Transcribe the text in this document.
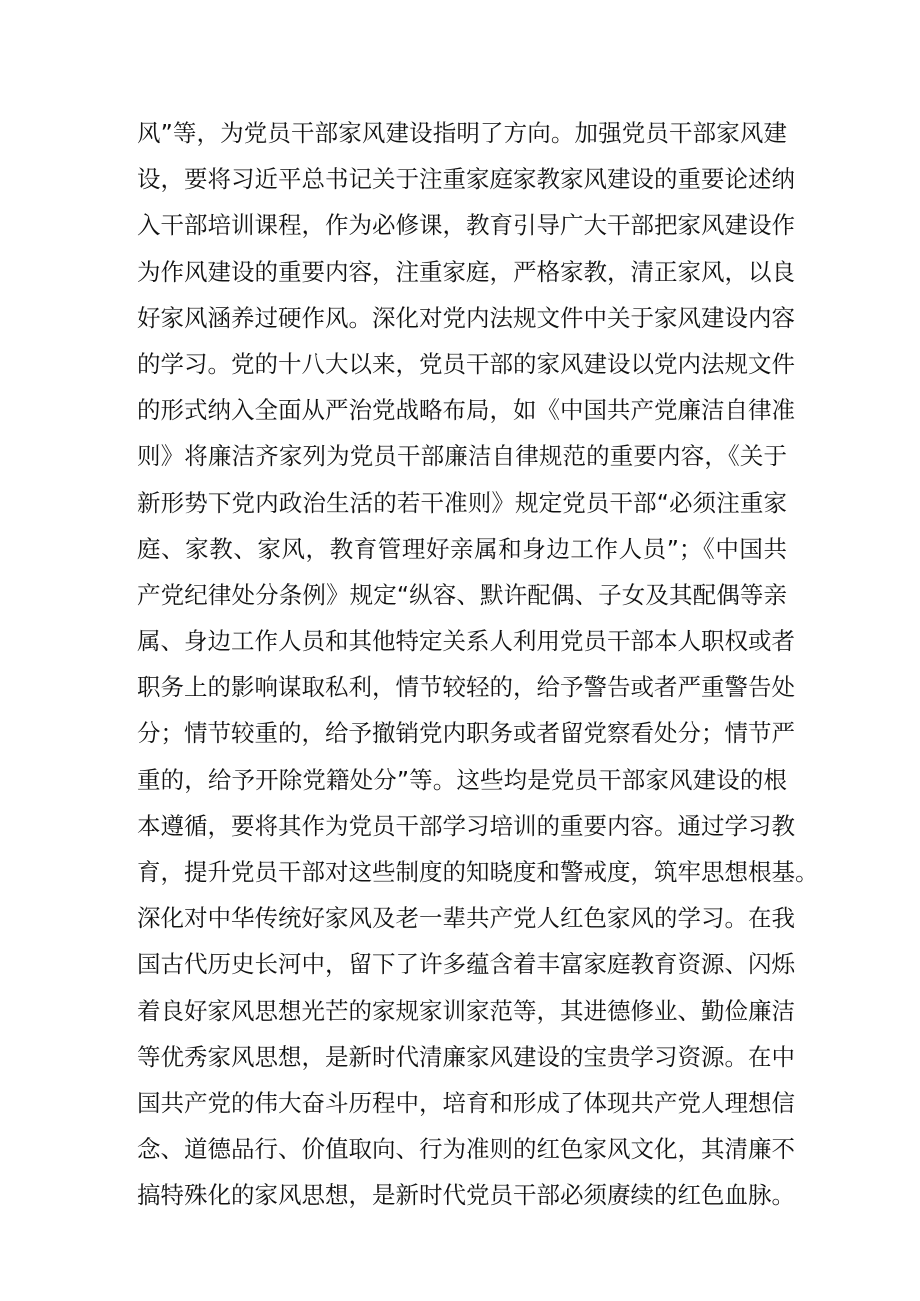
风”等，为党员干部家风建设指明了方向。加强党员干部家风建
设，要将习近平总书记关于注重家庭家教家风建设的重要论述纳
入干部培训课程，作为必修课，教育引导广大干部把家风建设作
为作风建设的重要内容，注重家庭，严格家教，清正家风，以良
好家风涵养过硬作风。深化对党内法规文件中关于家风建设内容
的学习。党的十八大以来，党员干部的家风建设以党内法规文件
的形式纳入全面从严治党战略布局，如《中国共产党廉洁自律准
则》将廉洁齐家列为党员干部廉洁自律规范的重要内容，《关于
新形势下党内政治生活的若干准则》规定党员干部“必须注重家
庭、家教、家风，教育管理好亲属和身边工作人员”；《中国共
产党纪律处分条例》规定“纵容、默许配偶、子女及其配偶等亲
属、身边工作人员和其他特定关系人利用党员干部本人职权或者
职务上的影响谋取私利，情节较轻的，给予警告或者严重警告处
分；情节较重的，给予撤销党内职务或者留党察看处分；情节严
重的，给予开除党籍处分”等。这些均是党员干部家风建设的根
本遵循，要将其作为党员干部学习培训的重要内容。通过学习教
育，提升党员干部对这些制度的知晓度和警戒度，筑牢思想根基。
深化对中华传统好家风及老一辈共产党人红色家风的学习。在我
国古代历史长河中，留下了许多蕴含着丰富家庭教育资源、闪烁
着良好家风思想光芒的家规家训家范等，其进德修业、勤俭廉洁
等优秀家风思想，是新时代清廉家风建设的宝贵学习资源。在中
国共产党的伟大奋斗历程中，培育和形成了体现共产党人理想信
念、道德品行、价值取向、行为准则的红色家风文化，其清廉不
搞特殊化的家风思想，是新时代党员干部必须赓续的红色血脉。
